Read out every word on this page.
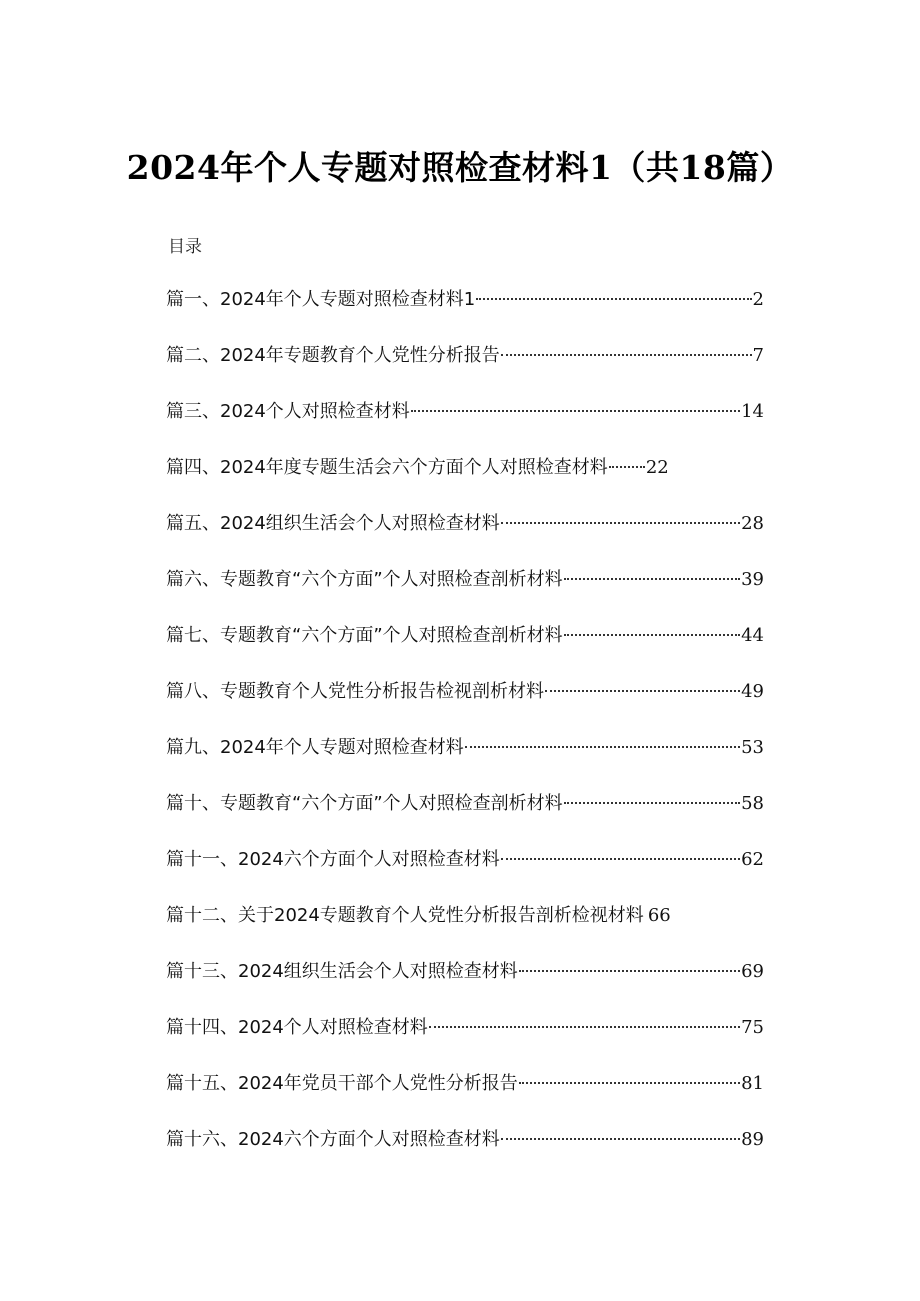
2024年个人专题对照检查材料1（共18篇）
目录
篇一、2024年个人专题对照检查材料1	2
篇二、2024年专题教育个人党性分析报告	7
篇三、2024个人对照检查材料	14
篇四、2024年度专题生活会六个方面个人对照检查材料 22
篇五、2024组织生活会个人对照检查材料	28
篇六、专题教育“六个方面”个人对照检查剖析材料	39
篇七、专题教育“六个方面”个人对照检查剖析材料	44
篇八、专题教育个人党性分析报告检视剖析材料	49
篇九、2024年个人专题对照检查材料	53
篇十、专题教育“六个方面”个人对照检查剖析材料	58
篇十一、2024六个方面个人对照检查材料	62
篇十二、关于2024专题教育个人党性分析报告剖析检视材料 66
篇十三、2024组织生活会个人对照检查材料	69
篇十四、2024个人对照检查材料	75
篇十五、2024年党员干部个人党性分析报告	81
篇十六、2024六个方面个人对照检查材料	89
